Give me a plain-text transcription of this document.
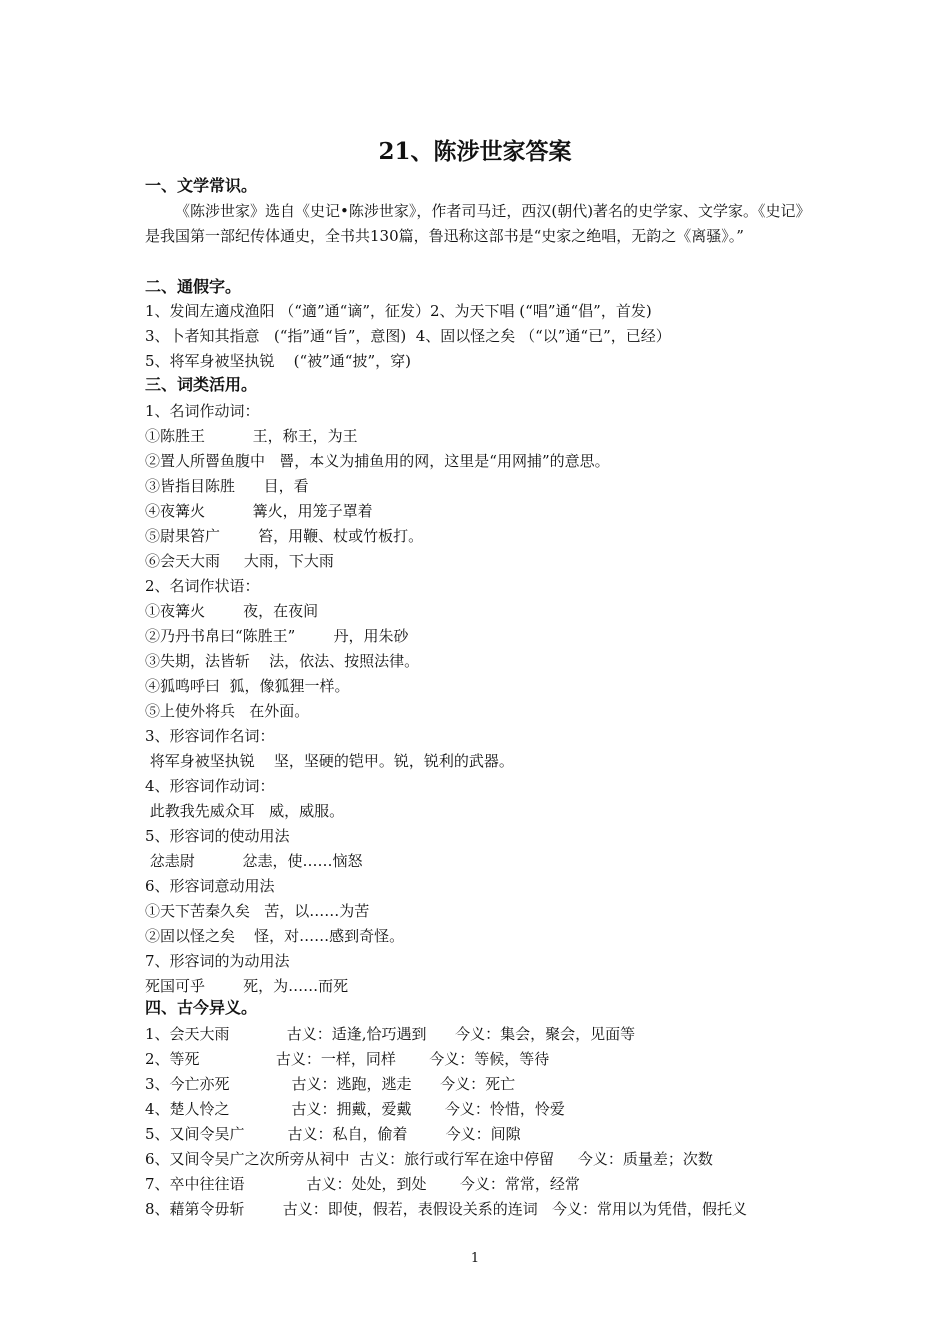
21、陈涉世家答案
一、文学常识。
《陈涉世家》选自《史记•陈涉世家》，作者司马迁，西汉(朝代)著名的史学家、文学家。《史记》是我国第一部纪传体通史，全书共130篇，鲁迅称这部书是“史家之绝唱，无韵之《离骚》。”
二、通假字。
1、发闾左適戍渔阳 （“適”通“谪”，征发）2、为天下唱 (“唱”通“倡”，首发)
3、卜者知其指意   (“指”通“旨”，意图)  4、固以怪之矣 （“以”通“已”，已经）
5、将军身被坚执锐    (“被”通“披”，穿)
三、词类活用。
1、名词作动词：
①陈胜王          王，称王，为王
②置人所罾鱼腹中   罾，本义为捕鱼用的网，这里是“用网捕”的意思。
③皆指目陈胜      目，看
④夜篝火          篝火，用笼子罩着
⑤尉果笞广        笞，用鞭、杖或竹板打。
⑥会天大雨     大雨，下大雨
2、名词作状语：
①夜篝火        夜，在夜间
②乃丹书帛曰“陈胜王”        丹，用朱砂
③失期，法皆斩    法，依法、按照法律。
④狐鸣呼曰  狐，像狐狸一样。
⑤上使外将兵   在外面。
3、形容词作名词：
将军身被坚执锐    坚，坚硬的铠甲。锐，锐利的武器。
4、形容词作动词：
此教我先威众耳   威，威服。
5、形容词的使动用法
忿恚尉          忿恚，使……恼怒
6、形容词意动用法
①天下苦秦久矣   苦，以……为苦
②固以怪之矣    怪，对……感到奇怪。
7、形容词的为动用法
死国可乎        死，为……而死
四、古今异义。
1、会天大雨            古义：适逢,恰巧遇到      今义：集会，聚会，见面等
2、等死                古义：一样，同样       今义：等候，等待
3、今亡亦死             古义：逃跑，逃走      今义：死亡
4、楚人怜之             古义：拥戴，爱戴       今义：怜惜，怜爱
5、又间令吴广         古义：私自，偷着        今义：间隙
6、又间令吴广之次所旁从祠中  古义：旅行或行军在途中停留     今义：质量差；次数
7、卒中往往语             古义：处处，到处       今义：常常，经常
8、藉第令毋斩        古义：即使，假若，表假设关系的连词   今义：常用以为凭借，假托义
1
